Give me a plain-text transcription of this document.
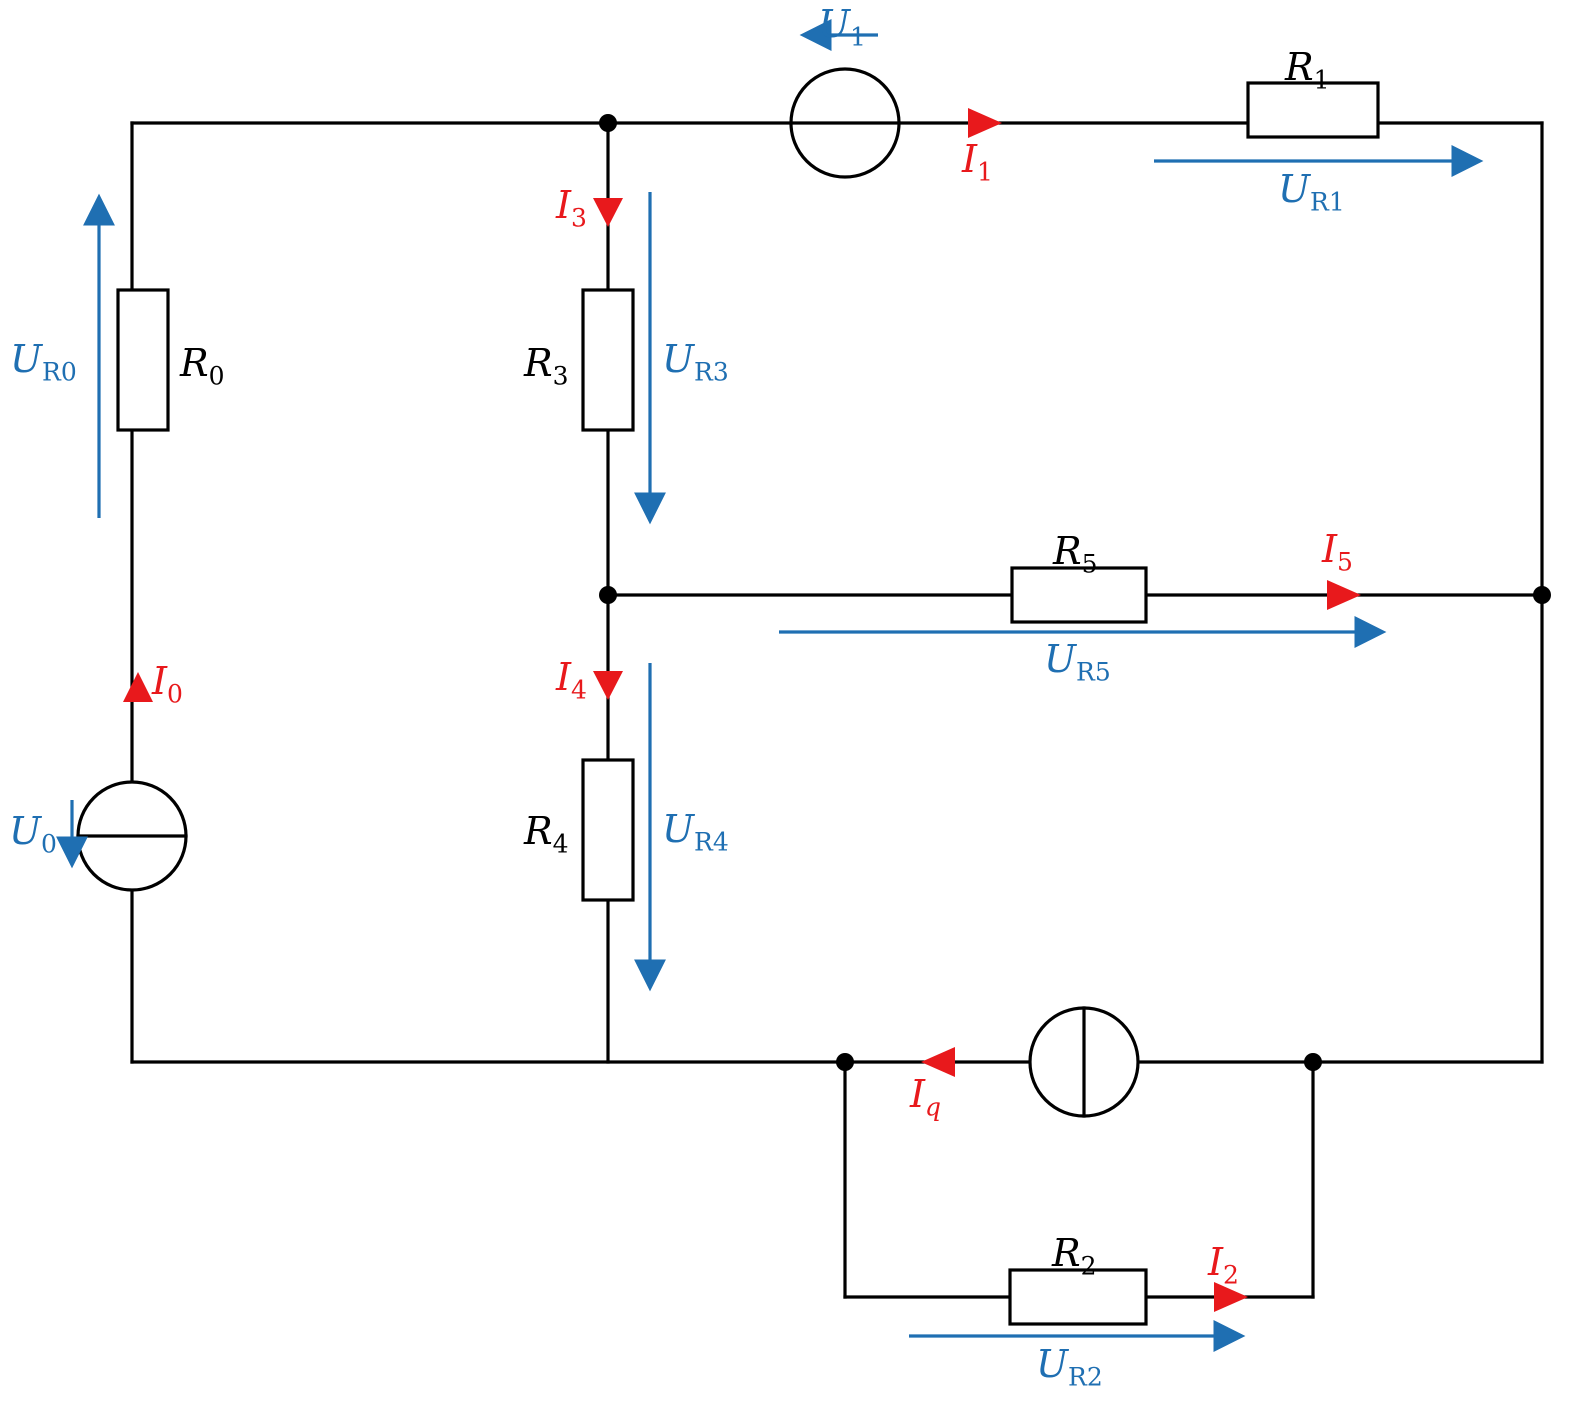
$R_0$
$R_1$
$R_2$
$R_3$
$R_4$
$R_5$
$U_0$
$U_1$
$U_{R0}$
$U_{R1}$
$U_{R2}$
$U_{R3}$
$U_{R4}$
$U_{R5}$
$I_0$
$I_1$
$I_2$
$I_3$
$I_4$
$I_5$
$I_q$
